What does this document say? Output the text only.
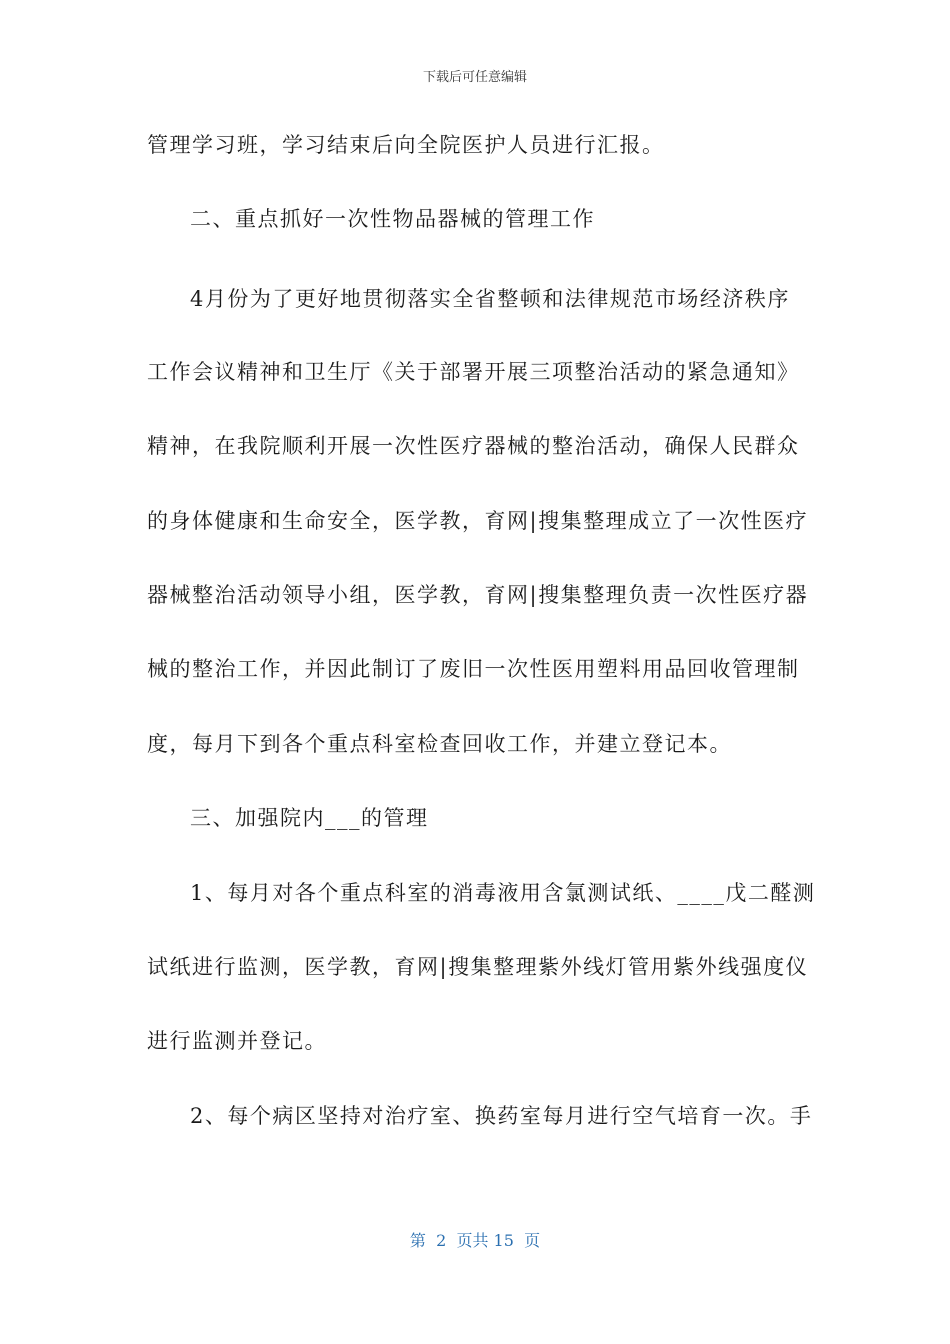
下载后可任意编辑
管理学习班，学习结束后向全院医护人员进行汇报。
二、重点抓好一次性物品器械的管理工作
4月份为了更好地贯彻落实全省整顿和法律规范市场经济秩序
工作会议精神和卫生厅《关于部署开展三项整治活动的紧急通知》
精神，在我院顺利开展一次性医疗器械的整治活动，确保人民群众
的身体健康和生命安全，医学教，育网|搜集整理成立了一次性医疗
器械整治活动领导小组，医学教，育网|搜集整理负责一次性医疗器
械的整治工作，并因此制订了废旧一次性医用塑料用品回收管理制
度，每月下到各个重点科室检查回收工作，并建立登记本。
三、加强院内___的管理
1、每月对各个重点科室的消毒液用含氯测试纸、____戊二醛测
试纸进行监测，医学教，育网|搜集整理紫外线灯管用紫外线强度仪
进行监测并登记。
2、每个病区坚持对治疗室、换药室每月进行空气培育一次。手
第  2  页共 15  页
